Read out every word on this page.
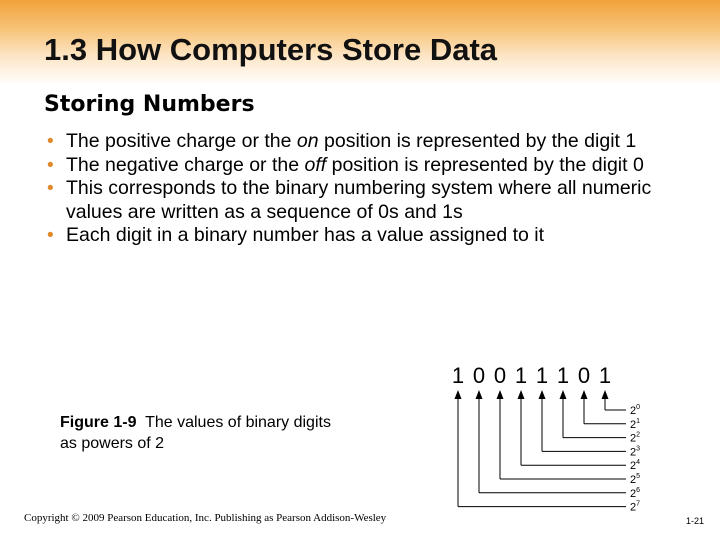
1.3 How Computers Store Data
Storing Numbers
• The positive charge or the on position is represented by the digit 1
• The negative charge or the off position is represented by the digit 0
• This corresponds to the binary numbering system where all numeric values are written as a sequence of 0s and 1s
• Each digit in a binary number has a value assigned to it
Figure 1-9 The values of binary digits as powers of 2
1 0 0 1 1 1 0 1
$2^7$
$2^6$
$2^5$
$2^4$
$2^3$
$2^2$
$2^1$
$2^0$
Copyright © 2009 Pearson Education, Inc. Publishing as Pearson Addison-Wesley	1-21
